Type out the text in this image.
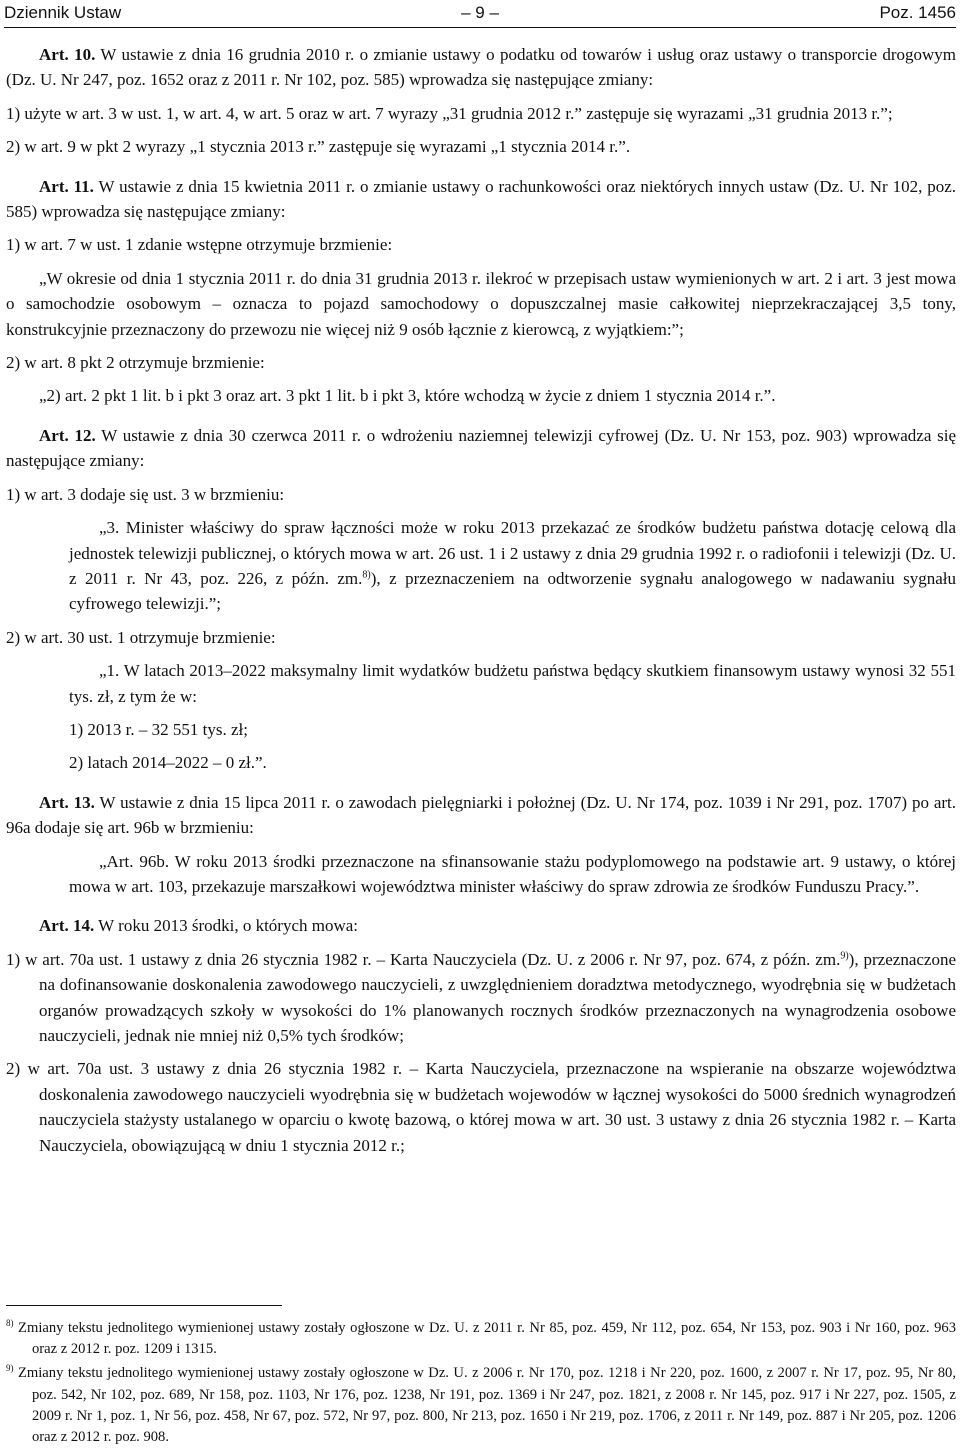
Dziennik Ustaw	– 9 –	Poz. 1456

Art. 10. W ustawie z dnia 16 grudnia 2010 r. o zmianie ustawy o podatku od towarów i usług oraz ustawy o transporcie drogowym (Dz. U. Nr 247, poz. 1652 oraz z 2011 r. Nr 102, poz. 585) wprowadza się następujące zmiany:

1) użyte w art. 3 w ust. 1, w art. 4, w art. 5 oraz w art. 7 wyrazy „31 grudnia 2012 r.” zastępuje się wyrazami „31 grudnia 2013 r.”;

2) w art. 9 w pkt 2 wyrazy „1 stycznia 2013 r.” zastępuje się wyrazami „1 stycznia 2014 r.”.

Art. 11. W ustawie z dnia 15 kwietnia 2011 r. o zmianie ustawy o rachunkowości oraz niektórych innych ustaw (Dz. U. Nr 102, poz. 585) wprowadza się następujące zmiany:

1) w art. 7 w ust. 1 zdanie wstępne otrzymuje brzmienie:

„W okresie od dnia 1 stycznia 2011 r. do dnia 31 grudnia 2013 r. ilekroć w przepisach ustaw wymienionych w art. 2 i art. 3 jest mowa o samochodzie osobowym – oznacza to pojazd samochodowy o dopuszczalnej masie całkowitej nieprzekraczającej 3,5 tony, konstrukcyjnie przeznaczony do przewozu nie więcej niż 9 osób łącznie z kierowcą, z wyjątkiem:”;

2) w art. 8 pkt 2 otrzymuje brzmienie:

„2) art. 2 pkt 1 lit. b i pkt 3 oraz art. 3 pkt 1 lit. b i pkt 3, które wchodzą w życie z dniem 1 stycznia 2014 r.”.

Art. 12. W ustawie z dnia 30 czerwca 2011 r. o wdrożeniu naziemnej telewizji cyfrowej (Dz. U. Nr 153, poz. 903) wprowadza się następujące zmiany:

1) w art. 3 dodaje się ust. 3 w brzmieniu:

„3. Minister właściwy do spraw łączności może w roku 2013 przekazać ze środków budżetu państwa dotację celową dla jednostek telewizji publicznej, o których mowa w art. 26 ust. 1 i 2 ustawy z dnia 29 grudnia 1992 r. o radiofonii i telewizji (Dz. U. z 2011 r. Nr 43, poz. 226, z późn. zm.$^{8)}$), z przeznaczeniem na odtworzenie sygnału analogowego w nadawaniu sygnału cyfrowego telewizji.”;

2) w art. 30 ust. 1 otrzymuje brzmienie:

„1. W latach 2013–2022 maksymalny limit wydatków budżetu państwa będący skutkiem finansowym ustawy wynosi 32 551 tys. zł, z tym że w:

1) 2013 r. – 32 551 tys. zł;

2) latach 2014–2022 – 0 zł.”.

Art. 13. W ustawie z dnia 15 lipca 2011 r. o zawodach pielęgniarki i położnej (Dz. U. Nr 174, poz. 1039 i Nr 291, poz. 1707) po art. 96a dodaje się art. 96b w brzmieniu:

„Art. 96b. W roku 2013 środki przeznaczone na sfinansowanie stażu podyplomowego na podstawie art. 9 ustawy, o której mowa w art. 103, przekazuje marszałkowi województwa minister właściwy do spraw zdrowia ze środków Funduszu Pracy.”.

Art. 14. W roku 2013 środki, o których mowa:

1) w art. 70a ust. 1 ustawy z dnia 26 stycznia 1982 r. – Karta Nauczyciela (Dz. U. z 2006 r. Nr 97, poz. 674, z późn. zm.$^{9)}$), przeznaczone na dofinansowanie doskonalenia zawodowego nauczycieli, z uwzględnieniem doradztwa metodycznego, wyodrębnia się w budżetach organów prowadzących szkoły w wysokości do 1% planowanych rocznych środków przeznaczonych na wynagrodzenia osobowe nauczycieli, jednak nie mniej niż 0,5% tych środków;

2) w art. 70a ust. 3 ustawy z dnia 26 stycznia 1982 r. – Karta Nauczyciela, przeznaczone na wspieranie na obszarze województwa doskonalenia zawodowego nauczycieli wyodrębnia się w budżetach wojewodów w łącznej wysokości do 5000 średnich wynagrodzeń nauczyciela stażysty ustalanego w oparciu o kwotę bazową, o której mowa w art. 30 ust. 3 ustawy z dnia 26 stycznia 1982 r. – Karta Nauczyciela, obowiązującą w dniu 1 stycznia 2012 r.;

$^{8)}$ Zmiany tekstu jednolitego wymienionej ustawy zostały ogłoszone w Dz. U. z 2011 r. Nr 85, poz. 459, Nr 112, poz. 654, Nr 153, poz. 903 i Nr 160, poz. 963 oraz z 2012 r. poz. 1209 i 1315.

$^{9)}$ Zmiany tekstu jednolitego wymienionej ustawy zostały ogłoszone w Dz. U. z 2006 r. Nr 170, poz. 1218 i Nr 220, poz. 1600, z 2007 r. Nr 17, poz. 95, Nr 80, poz. 542, Nr 102, poz. 689, Nr 158, poz. 1103, Nr 176, poz. 1238, Nr 191, poz. 1369 i Nr 247, poz. 1821, z 2008 r. Nr 145, poz. 917 i Nr 227, poz. 1505, z 2009 r. Nr 1, poz. 1, Nr 56, poz. 458, Nr 67, poz. 572, Nr 97, poz. 800, Nr 213, poz. 1650 i Nr 219, poz. 1706, z 2011 r. Nr 149, poz. 887 i Nr 205, poz. 1206 oraz z 2012 r. poz. 908.
